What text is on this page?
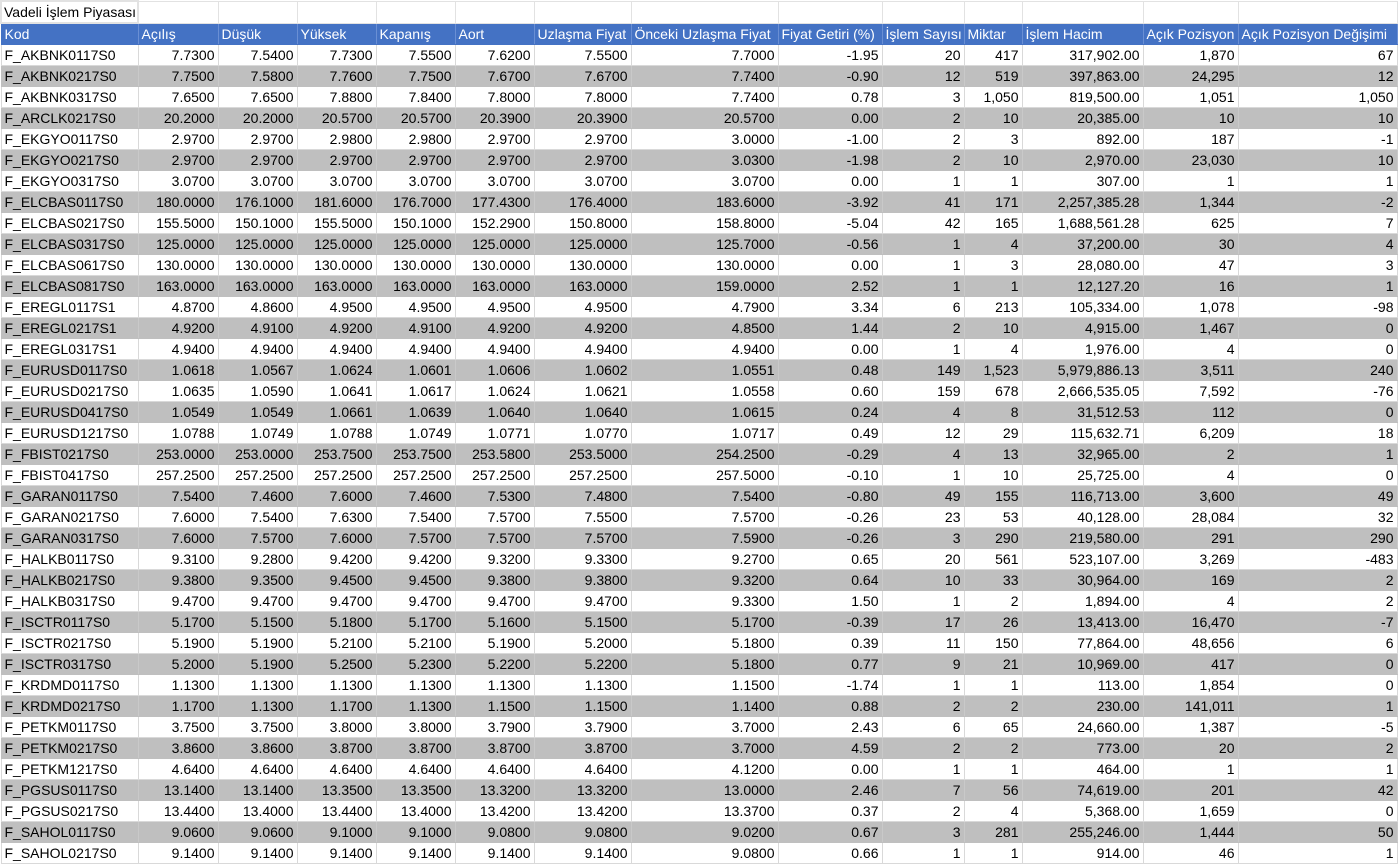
Vadeli İşlem Piyasası													
Kod	Açılış	Düşük	Yüksek	Kapanış	Aort	Uzlaşma Fiyat	Önceki Uzlaşma Fiyat	Fiyat Getiri (%)	İşlem Sayısı	Miktar	İşlem Hacim	Açık Pozisyon	Açık Pozisyon Değişimi
F_AKBNK0117S0	7.7300	7.5400	7.7300	7.5500	7.6200	7.5500	7.7000	-1.95	20	417	317,902.00	1,870	67
F_AKBNK0217S0	7.7500	7.5800	7.7600	7.7500	7.6700	7.6700	7.7400	-0.90	12	519	397,863.00	24,295	12
F_AKBNK0317S0	7.6500	7.6500	7.8800	7.8400	7.8000	7.8000	7.7400	0.78	3	1,050	819,500.00	1,051	1,050
F_ARCLK0217S0	20.2000	20.2000	20.5700	20.5700	20.3900	20.3900	20.5700	0.00	2	10	20,385.00	10	10
F_EKGYO0117S0	2.9700	2.9700	2.9800	2.9800	2.9700	2.9700	3.0000	-1.00	2	3	892.00	187	-1
F_EKGYO0217S0	2.9700	2.9700	2.9700	2.9700	2.9700	2.9700	3.0300	-1.98	2	10	2,970.00	23,030	10
F_EKGYO0317S0	3.0700	3.0700	3.0700	3.0700	3.0700	3.0700	3.0700	0.00	1	1	307.00	1	1
F_ELCBAS0117S0	180.0000	176.1000	181.6000	176.7000	177.4300	176.4000	183.6000	-3.92	41	171	2,257,385.28	1,344	-2
F_ELCBAS0217S0	155.5000	150.1000	155.5000	150.1000	152.2900	150.8000	158.8000	-5.04	42	165	1,688,561.28	625	7
F_ELCBAS0317S0	125.0000	125.0000	125.0000	125.0000	125.0000	125.0000	125.7000	-0.56	1	4	37,200.00	30	4
F_ELCBAS0617S0	130.0000	130.0000	130.0000	130.0000	130.0000	130.0000	130.0000	0.00	1	3	28,080.00	47	3
F_ELCBAS0817S0	163.0000	163.0000	163.0000	163.0000	163.0000	163.0000	159.0000	2.52	1	1	12,127.20	16	1
F_EREGL0117S1	4.8700	4.8600	4.9500	4.9500	4.9500	4.9500	4.7900	3.34	6	213	105,334.00	1,078	-98
F_EREGL0217S1	4.9200	4.9100	4.9200	4.9100	4.9200	4.9200	4.8500	1.44	2	10	4,915.00	1,467	0
F_EREGL0317S1	4.9400	4.9400	4.9400	4.9400	4.9400	4.9400	4.9400	0.00	1	4	1,976.00	4	0
F_EURUSD0117S0	1.0618	1.0567	1.0624	1.0601	1.0606	1.0602	1.0551	0.48	149	1,523	5,979,886.13	3,511	240
F_EURUSD0217S0	1.0635	1.0590	1.0641	1.0617	1.0624	1.0621	1.0558	0.60	159	678	2,666,535.05	7,592	-76
F_EURUSD0417S0	1.0549	1.0549	1.0661	1.0639	1.0640	1.0640	1.0615	0.24	4	8	31,512.53	112	0
F_EURUSD1217S0	1.0788	1.0749	1.0788	1.0749	1.0771	1.0770	1.0717	0.49	12	29	115,632.71	6,209	18
F_FBIST0217S0	253.0000	253.0000	253.7500	253.7500	253.5800	253.5000	254.2500	-0.29	4	13	32,965.00	2	1
F_FBIST0417S0	257.2500	257.2500	257.2500	257.2500	257.2500	257.2500	257.5000	-0.10	1	10	25,725.00	4	0
F_GARAN0117S0	7.5400	7.4600	7.6000	7.4600	7.5300	7.4800	7.5400	-0.80	49	155	116,713.00	3,600	49
F_GARAN0217S0	7.6000	7.5400	7.6300	7.5400	7.5700	7.5500	7.5700	-0.26	23	53	40,128.00	28,084	32
F_GARAN0317S0	7.6000	7.5700	7.6000	7.5700	7.5700	7.5700	7.5900	-0.26	3	290	219,580.00	291	290
F_HALKB0117S0	9.3100	9.2800	9.4200	9.4200	9.3200	9.3300	9.2700	0.65	20	561	523,107.00	3,269	-483
F_HALKB0217S0	9.3800	9.3500	9.4500	9.4500	9.3800	9.3800	9.3200	0.64	10	33	30,964.00	169	2
F_HALKB0317S0	9.4700	9.4700	9.4700	9.4700	9.4700	9.4700	9.3300	1.50	1	2	1,894.00	4	2
F_ISCTR0117S0	5.1700	5.1500	5.1800	5.1700	5.1600	5.1500	5.1700	-0.39	17	26	13,413.00	16,470	-7
F_ISCTR0217S0	5.1900	5.1900	5.2100	5.2100	5.1900	5.2000	5.1800	0.39	11	150	77,864.00	48,656	6
F_ISCTR0317S0	5.2000	5.1900	5.2500	5.2300	5.2200	5.2200	5.1800	0.77	9	21	10,969.00	417	0
F_KRDMD0117S0	1.1300	1.1300	1.1300	1.1300	1.1300	1.1300	1.1500	-1.74	1	1	113.00	1,854	0
F_KRDMD0217S0	1.1700	1.1300	1.1700	1.1300	1.1500	1.1500	1.1400	0.88	2	2	230.00	141,011	1
F_PETKM0117S0	3.7500	3.7500	3.8000	3.8000	3.7900	3.7900	3.7000	2.43	6	65	24,660.00	1,387	-5
F_PETKM0217S0	3.8600	3.8600	3.8700	3.8700	3.8700	3.8700	3.7000	4.59	2	2	773.00	20	2
F_PETKM1217S0	4.6400	4.6400	4.6400	4.6400	4.6400	4.6400	4.1200	0.00	1	1	464.00	1	1
F_PGSUS0117S0	13.1400	13.1400	13.3500	13.3500	13.3200	13.3200	13.0000	2.46	7	56	74,619.00	201	42
F_PGSUS0217S0	13.4400	13.4000	13.4400	13.4000	13.4200	13.4200	13.3700	0.37	2	4	5,368.00	1,659	0
F_SAHOL0117S0	9.0600	9.0600	9.1000	9.1000	9.0800	9.0800	9.0200	0.67	3	281	255,246.00	1,444	50
F_SAHOL0217S0	9.1400	9.1400	9.1400	9.1400	9.1400	9.1400	9.0800	0.66	1	1	914.00	46	1
